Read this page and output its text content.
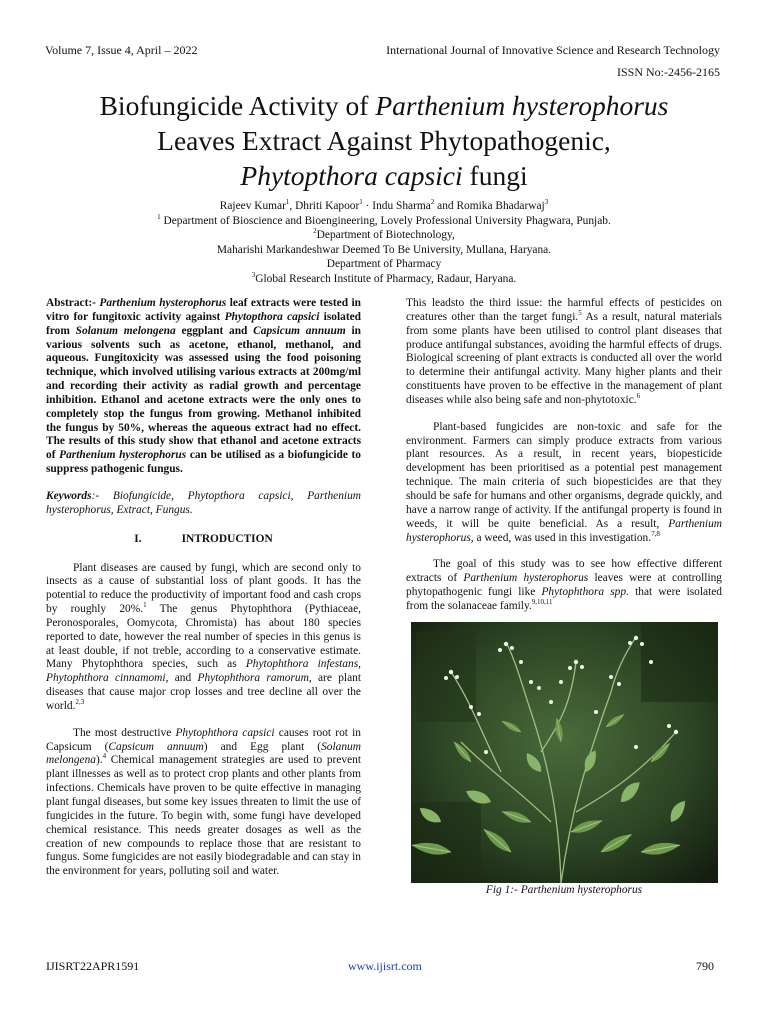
Volume 7, Issue 4, April – 2022	International Journal of Innovative Science and Research Technology
ISSN No:-2456-2165
Biofungicide Activity of Parthenium hysterophorus
Leaves Extract Against Phytopathogenic,
Phytopthora capsici fungi
Rajeev Kumar$^1$, Dhriti Kapoor$^1$ · Indu Sharma$^2$ and Romika Bhadarwaj$^3$
$^1$ Department of Bioscience and Bioengineering, Lovely Professional University Phagwara, Punjab.
$^2$Department of Biotechnology,
Maharishi Markandeshwar Deemed To Be University, Mullana, Haryana.
Department of Pharmacy
$^3$Global Research Institute of Pharmacy, Radaur, Haryana.

Abstract:- Parthenium hysterophorus leaf extracts were tested in vitro for fungitoxic activity against Phytopthora capsici isolated from Solanum melongena eggplant and Capsicum annuum in various solvents such as acetone, ethanol, methanol, and aqueous. Fungitoxicity was assessed using the food poisoning technique, which involved utilising various extracts at 200mg/ml and recording their activity as radial growth and percentage inhibition. Ethanol and acetone extracts were the only ones to completely stop the fungus from growing. Methanol inhibited the fungus by 50%, whereas the aqueous extract had no effect. The results of this study show that ethanol and acetone extracts of Parthenium hysterophorus can be utilised as a biofungicide to suppress pathogenic fungus.

Keywords:- Biofungicide, Phytopthora capsici, Parthenium hysterophorus, Extract, Fungus.

I.	INTRODUCTION

Plant diseases are caused by fungi, which are second only to insects as a cause of substantial loss of plant goods. It has the potential to reduce the productivity of important food and cash crops by roughly 20%.$^1$ The genus Phytophthora (Pythiaceae, Peronosporales, Oomycota, Chromista) has about 180 species reported to date, however the real number of species in this genus is at least double, if not treble, according to a conservative estimate. Many Phytophthora species, such as Phytophthora infestans, Phytophthora cinnamomi, and Phytophthora ramorum, are plant diseases that cause major crop losses and tree decline all over the world.$^{2,3}$

The most destructive Phytophthora capsici causes root rot in Capsicum (Capsicum annuum) and Egg plant (Solanum melongena).$^4$ Chemical management strategies are used to prevent plant illnesses as well as to protect crop plants and other plants from infections. Chemicals have proven to be quite effective in managing plant fungal diseases, but some key issues threaten to limit the use of fungicides in the future. To begin with, some fungi have developed chemical resistance. This needs greater dosages as well as the creation of new compounds to replace those that are resistant to fungus. Some fungicides are not easily biodegradable and can stay in the environment for years, polluting soil and water.

This leadsto the third issue: the harmful effects of pesticides on creatures other than the target fungi.$^5$ As a result, natural materials from some plants have been utilised to control plant diseases that produce antifungal substances, avoiding the harmful effects of drugs. Biological screening of plant extracts is conducted all over the world to determine their antifungal activity. Many higher plants and their constituents have proven to be effective in the management of plant diseases while also being safe and non-phytotoxic.$^6$

Plant-based fungicides are non-toxic and safe for the environment. Farmers can simply produce extracts from various plant resources. As a result, in recent years, biopesticide development has been prioritised as a potential pest management technique. The main criteria of such biopesticides are that they should be safe for humans and other organisms, degrade quickly, and have a narrow range of activity. If the antifungal property is found in weeds, it will be quite beneficial. As a result, Parthenium hysterophorus, a weed, was used in this investigation.$^{7,8}$

The goal of this study was to see how effective different extracts of Parthenium hysterophorus leaves were at controlling phytopathogenic fungi like Phytophthora spp. that were isolated from the solanaceae family.$^{9,10,11}$

Fig 1:- Parthenium hysterophorus
IJISRT22APR1591	www.ijisrt.com	790
